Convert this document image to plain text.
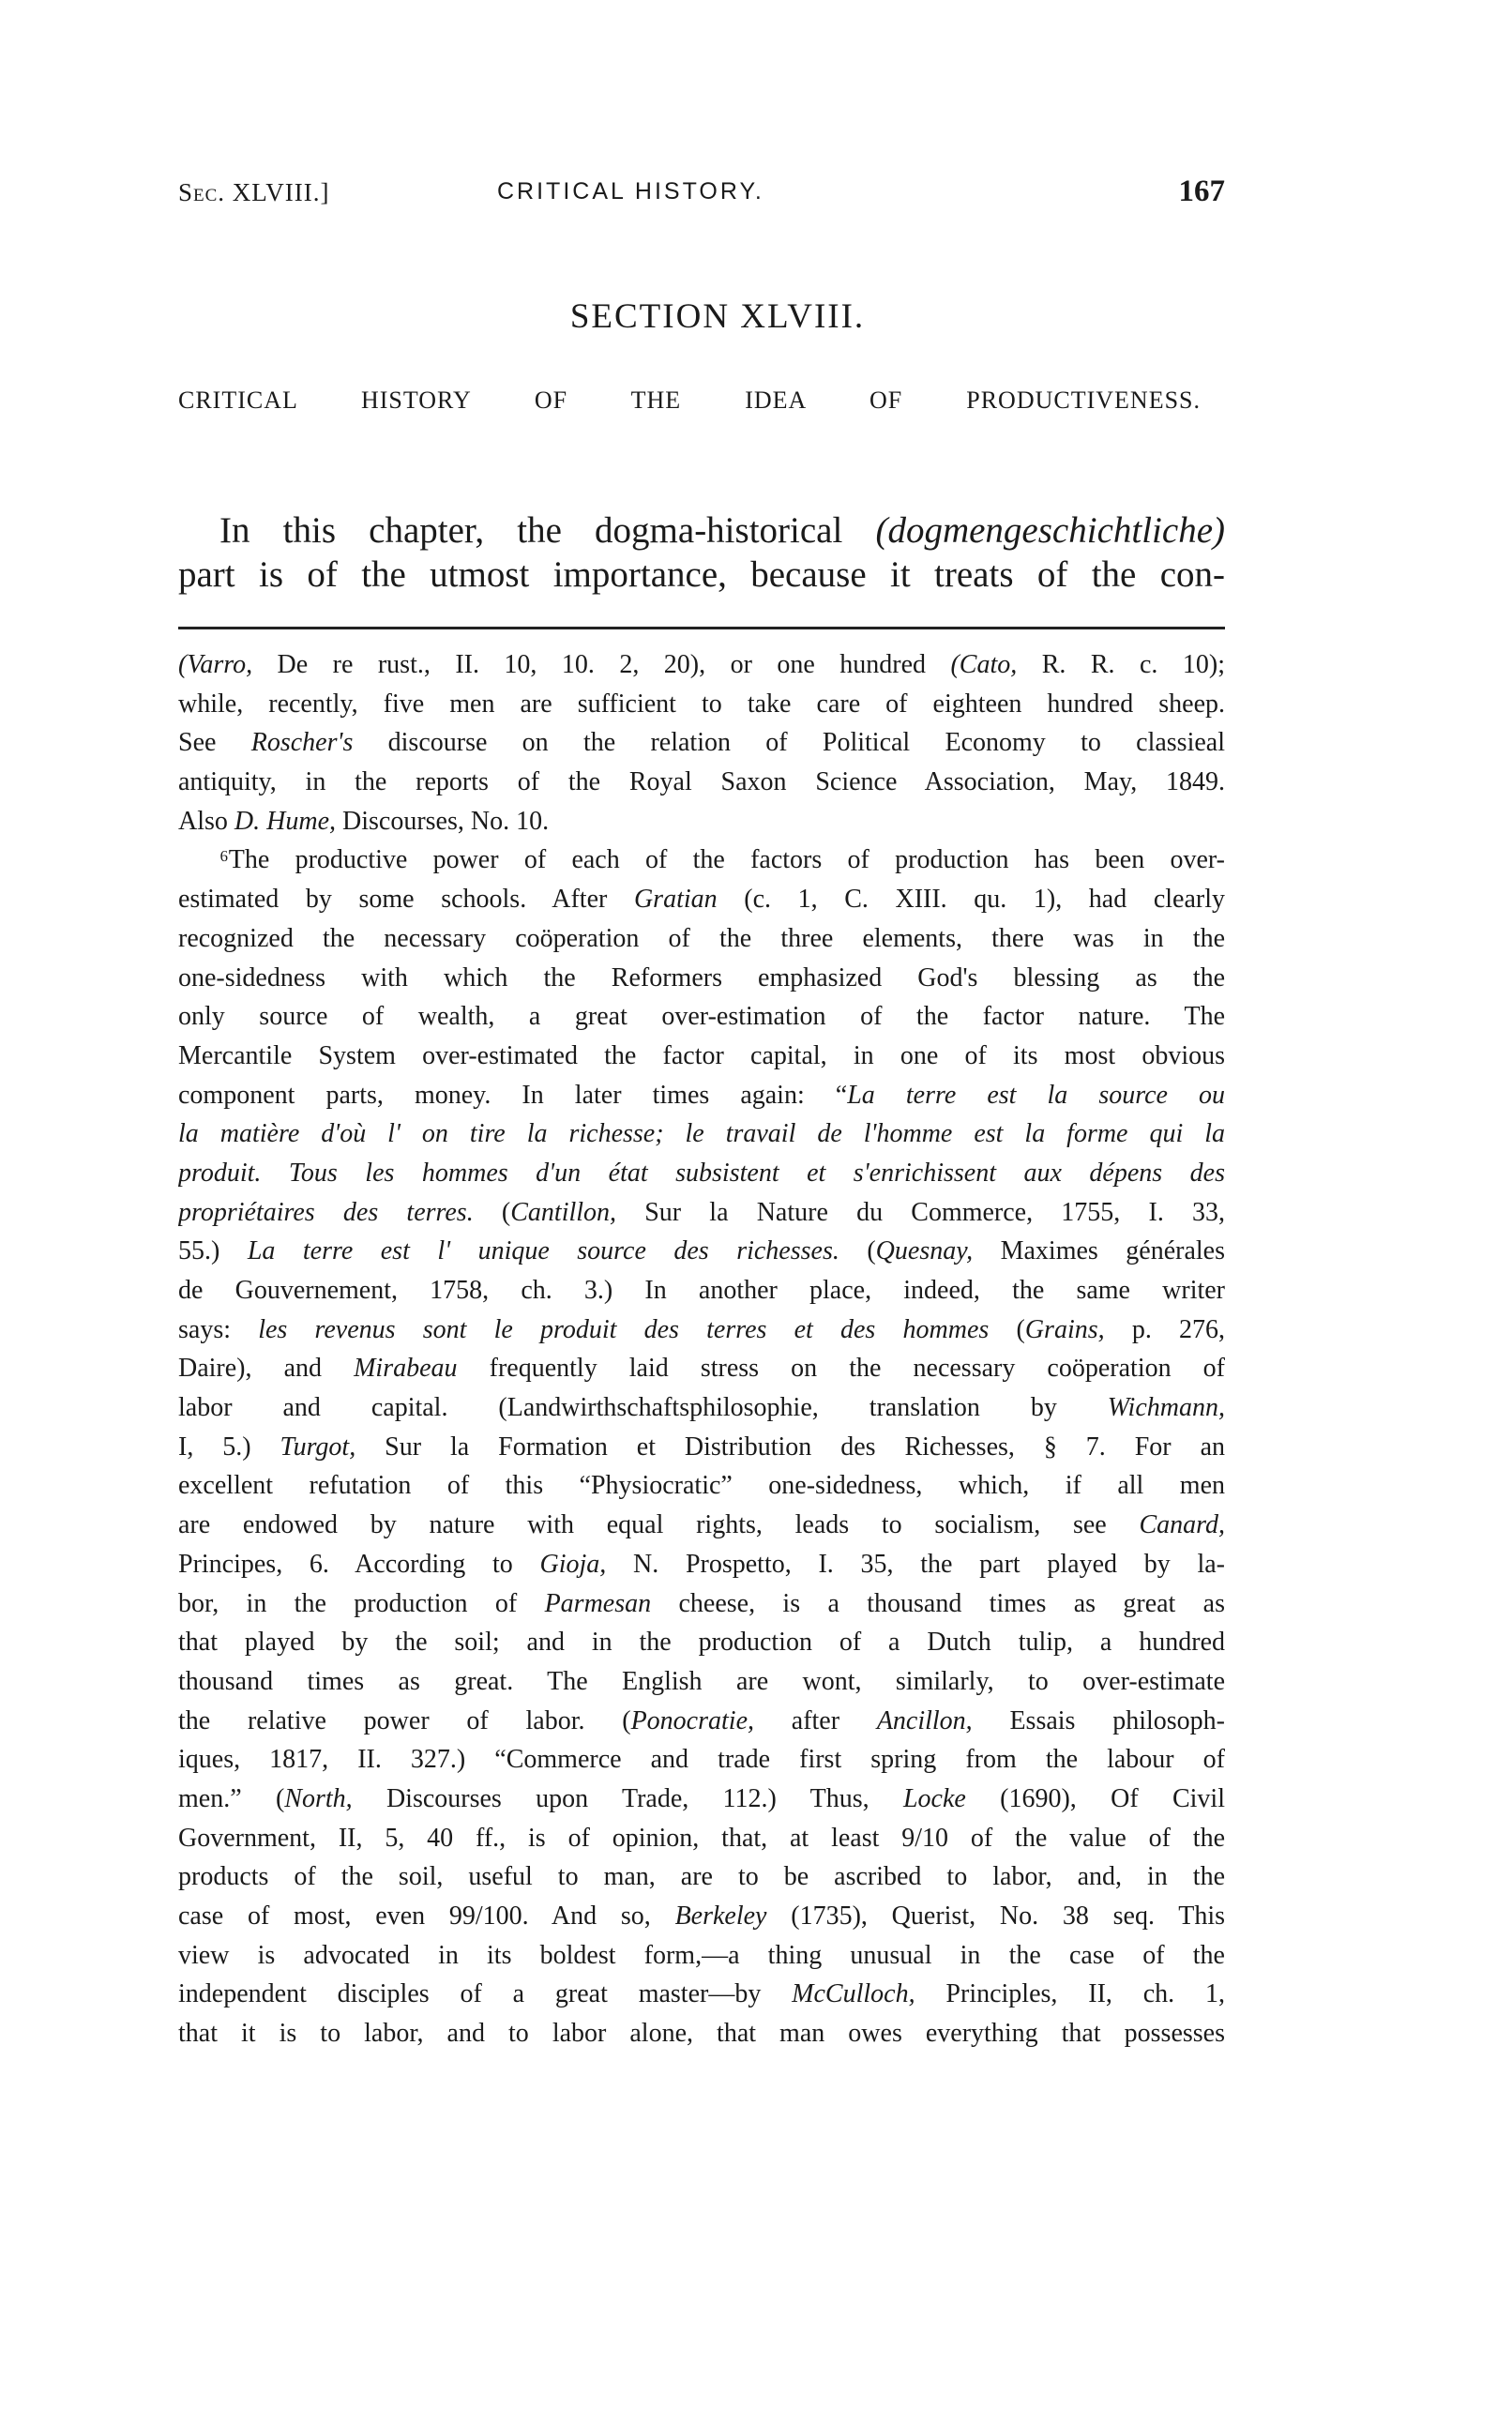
Sec. XLVIII.]	CRITICAL HISTORY.	167
SECTION XLVIII.
CRITICAL HISTORY OF THE IDEA OF PRODUCTIVENESS.
In this chapter, the dogma-historical (dogmengeschichtliche)
part is of the utmost importance, because it treats of the con-
(Varro, De re rust., II. 10, 10. 2, 20), or one hundred (Cato, R. R. c. 10);
while, recently, five men are sufficient to take care of eighteen hundred sheep.
See Roscher's discourse on the relation of Political Economy to classieal
antiquity, in the reports of the Royal Saxon Science Association, May, 1849.
Also D. Hume, Discourses, No. 10.
⁶The productive power of each of the factors of production has been over-
estimated by some schools. After Gratian (c. 1, C. XIII. qu. 1), had clearly
recognized the necessary coöperation of the three elements, there was in the
one-sidedness with which the Reformers emphasized God's blessing as the
only source of wealth, a great over-estimation of the factor nature. The
Mercantile System over-estimated the factor capital, in one of its most obvious
component parts, money. In later times again: “La terre est la source ou
la matière d'où l' on tire la richesse; le travail de l'homme est la forme qui la
produit. Tous les hommes d'un état subsistent et s'enrichissent aux dépens des
propriétaires des terres. (Cantillon, Sur la Nature du Commerce, 1755, I. 33,
55.) La terre est l' unique source des richesses. (Quesnay, Maximes générales
de Gouvernement, 1758, ch. 3.) In another place, indeed, the same writer
says: les revenus sont le produit des terres et des hommes (Grains, p. 276,
Daire), and Mirabeau frequently laid stress on the necessary coöperation of
labor and capital. (Landwirthschaftsphilosophie, translation by Wichmann,
I, 5.) Turgot, Sur la Formation et Distribution des Richesses, § 7. For an
excellent refutation of this “Physiocratic” one-sidedness, which, if all men
are endowed by nature with equal rights, leads to socialism, see Canard,
Principes, 6. According to Gioja, N. Prospetto, I. 35, the part played by la-
bor, in the production of Parmesan cheese, is a thousand times as great as
that played by the soil; and in the production of a Dutch tulip, a hundred
thousand times as great. The English are wont, similarly, to over-estimate
the relative power of labor. (Ponocratie, after Ancillon, Essais philosoph-
iques, 1817, II. 327.) “Commerce and trade first spring from the labour of
men.” (North, Discourses upon Trade, 112.) Thus, Locke (1690), Of Civil
Government, II, 5, 40 ff., is of opinion, that, at least 9/10 of the value of the
products of the soil, useful to man, are to be ascribed to labor, and, in the
case of most, even 99/100. And so, Berkeley (1735), Querist, No. 38 seq. This
view is advocated in its boldest form,—a thing unusual in the case of the
independent disciples of a great master—by McCulloch, Principles, II, ch. 1,
that it is to labor, and to labor alone, that man owes everything that possesses
